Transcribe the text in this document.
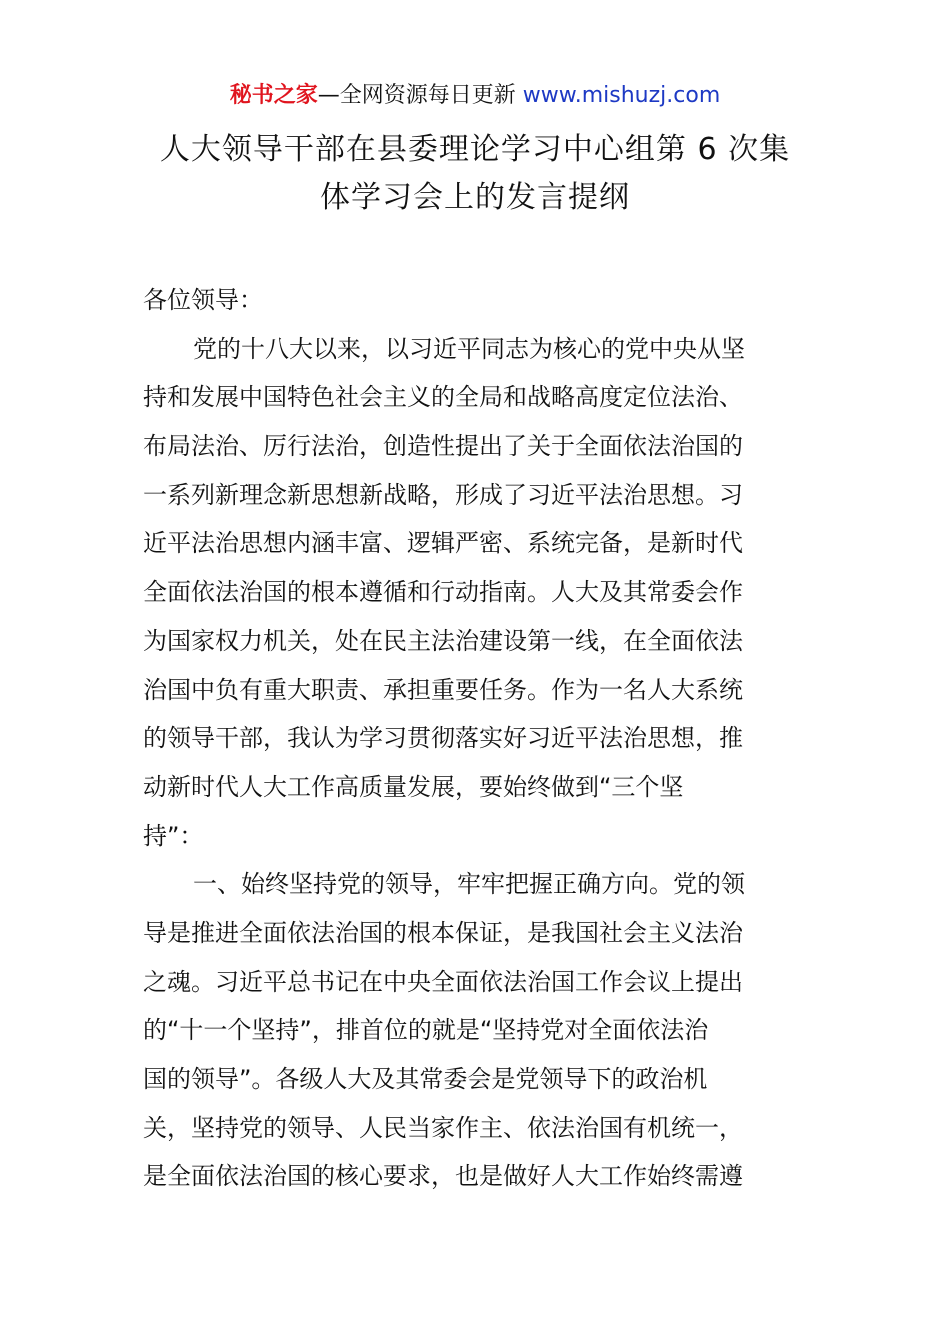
秘书之家—全网资源每日更新 www.mishuzj.com
人大领导干部在县委理论学习中心组第 6 次集
体学习会上的发言提纲
各位领导：
党的十八大以来，以习近平同志为核心的党中央从坚
持和发展中国特色社会主义的全局和战略高度定位法治、
布局法治、厉行法治，创造性提出了关于全面依法治国的
一系列新理念新思想新战略，形成了习近平法治思想。习
近平法治思想内涵丰富、逻辑严密、系统完备，是新时代
全面依法治国的根本遵循和行动指南。人大及其常委会作
为国家权力机关，处在民主法治建设第一线，在全面依法
治国中负有重大职责、承担重要任务。作为一名人大系统
的领导干部，我认为学习贯彻落实好习近平法治思想，推
动新时代人大工作高质量发展，要始终做到“三个坚
持”：
一、始终坚持党的领导，牢牢把握正确方向。党的领
导是推进全面依法治国的根本保证，是我国社会主义法治
之魂。习近平总书记在中央全面依法治国工作会议上提出
的“十一个坚持”，排首位的就是“坚持党对全面依法治
国的领导”。各级人大及其常委会是党领导下的政治机
关，坚持党的领导、人民当家作主、依法治国有机统一，
是全面依法治国的核心要求，也是做好人大工作始终需遵
